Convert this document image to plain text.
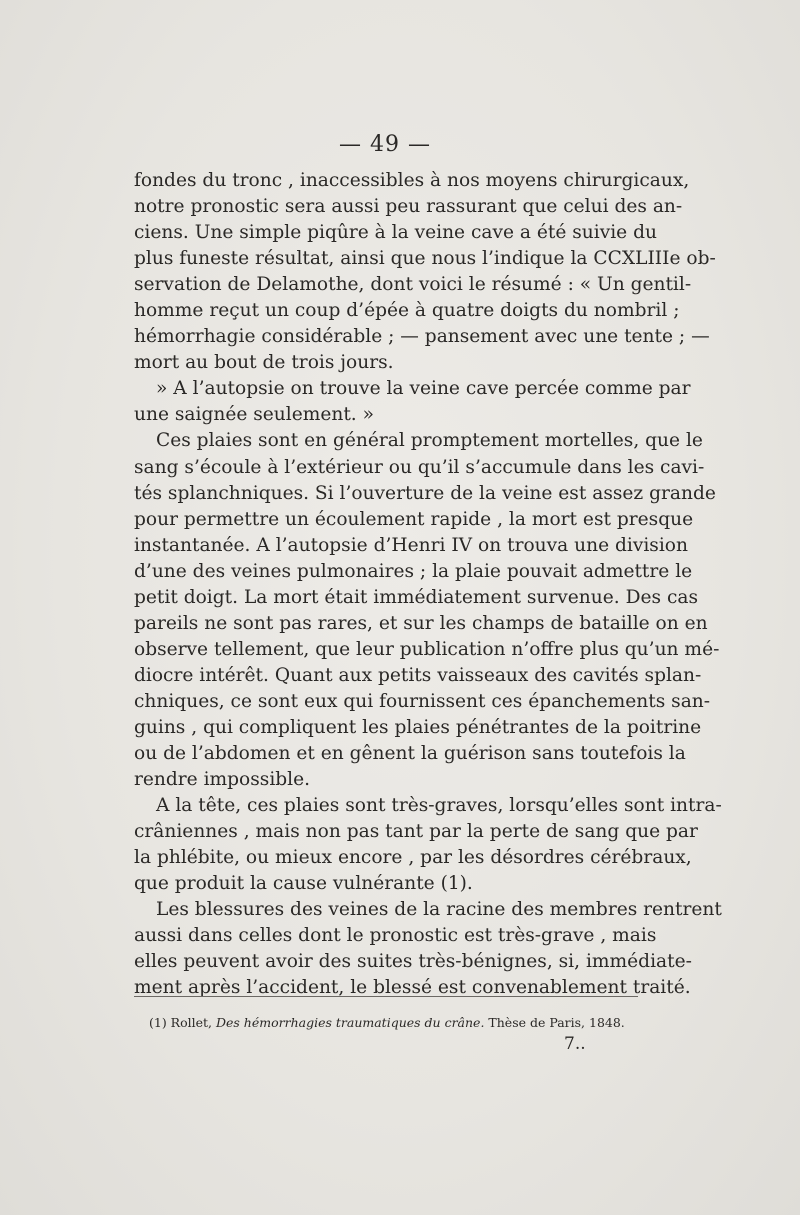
— 49 —
fondes du tronc , inaccessibles à nos moyens chirurgicaux,
notre pronostic sera aussi peu rassurant que celui des an-
ciens. Une simple piqûre à la veine cave a été suivie du
plus funeste résultat, ainsi que nous l’indique la CCXLIIIe ob-
servation de Delamothe, dont voici le résumé : « Un gentil-
homme reçut un coup d’épée à quatre doigts du nombril ;
hémorrhagie considérable ; — pansement avec une tente ; —
mort au bout de trois jours.
» A l’autopsie on trouve la veine cave percée comme par
une saignée seulement. »
Ces plaies sont en général promptement mortelles, que le
sang s’écoule à l’extérieur ou qu’il s’accumule dans les cavi-
tés splanchniques. Si l’ouverture de la veine est assez grande
pour permettre un écoulement rapide , la mort est presque
instantanée. A l’autopsie d’Henri IV on trouva une division
d’une des veines pulmonaires ; la plaie pouvait admettre le
petit doigt. La mort était immédiatement survenue. Des cas
pareils ne sont pas rares, et sur les champs de bataille on en
observe tellement, que leur publication n’offre plus qu’un mé-
diocre intérêt. Quant aux petits vaisseaux des cavités splan-
chniques, ce sont eux qui fournissent ces épanchements san-
guins , qui compliquent les plaies pénétrantes de la poitrine
ou de l’abdomen et en gênent la guérison sans toutefois la
rendre impossible.
A la tête, ces plaies sont très-graves, lorsqu’elles sont intra-
crâniennes , mais non pas tant par la perte de sang que par
la phlébite, ou mieux encore , par les désordres cérébraux,
que produit la cause vulnérante (1).
Les blessures des veines de la racine des membres rentrent
aussi dans celles dont le pronostic est très-grave , mais
elles peuvent avoir des suites très-bénignes, si, immédiate-
ment après l’accident, le blessé est convenablement traité.
(1) Rollet, Des hémorrhagies traumatiques du crâne. Thèse de Paris, 1848.
7..
